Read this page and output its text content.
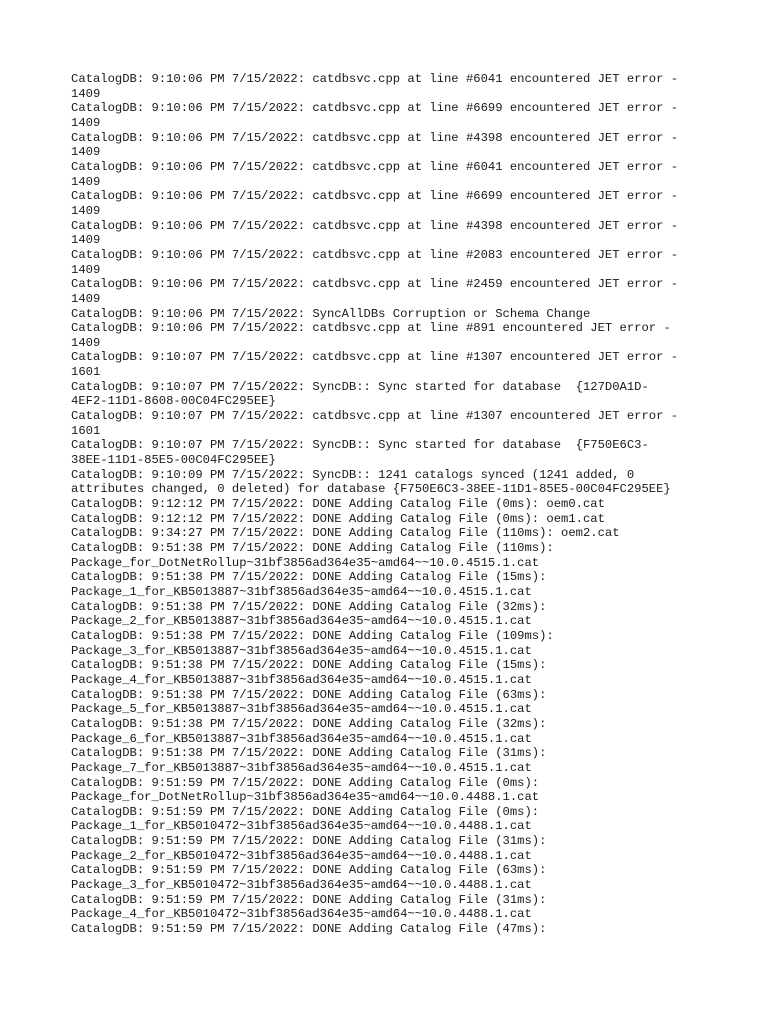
CatalogDB: 9:10:06 PM 7/15/2022: catdbsvc.cpp at line #6041 encountered JET error -
1409
CatalogDB: 9:10:06 PM 7/15/2022: catdbsvc.cpp at line #6699 encountered JET error -
1409
CatalogDB: 9:10:06 PM 7/15/2022: catdbsvc.cpp at line #4398 encountered JET error -
1409
CatalogDB: 9:10:06 PM 7/15/2022: catdbsvc.cpp at line #6041 encountered JET error -
1409
CatalogDB: 9:10:06 PM 7/15/2022: catdbsvc.cpp at line #6699 encountered JET error -
1409
CatalogDB: 9:10:06 PM 7/15/2022: catdbsvc.cpp at line #4398 encountered JET error -
1409
CatalogDB: 9:10:06 PM 7/15/2022: catdbsvc.cpp at line #2083 encountered JET error -
1409
CatalogDB: 9:10:06 PM 7/15/2022: catdbsvc.cpp at line #2459 encountered JET error -
1409
CatalogDB: 9:10:06 PM 7/15/2022: SyncAllDBs Corruption or Schema Change
CatalogDB: 9:10:06 PM 7/15/2022: catdbsvc.cpp at line #891 encountered JET error -
1409
CatalogDB: 9:10:07 PM 7/15/2022: catdbsvc.cpp at line #1307 encountered JET error -
1601
CatalogDB: 9:10:07 PM 7/15/2022: SyncDB:: Sync started for database  {127D0A1D-
4EF2-11D1-8608-00C04FC295EE}
CatalogDB: 9:10:07 PM 7/15/2022: catdbsvc.cpp at line #1307 encountered JET error -
1601
CatalogDB: 9:10:07 PM 7/15/2022: SyncDB:: Sync started for database  {F750E6C3-
38EE-11D1-85E5-00C04FC295EE}
CatalogDB: 9:10:09 PM 7/15/2022: SyncDB:: 1241 catalogs synced (1241 added, 0
attributes changed, 0 deleted) for database {F750E6C3-38EE-11D1-85E5-00C04FC295EE}
CatalogDB: 9:12:12 PM 7/15/2022: DONE Adding Catalog File (0ms): oem0.cat
CatalogDB: 9:12:12 PM 7/15/2022: DONE Adding Catalog File (0ms): oem1.cat
CatalogDB: 9:34:27 PM 7/15/2022: DONE Adding Catalog File (110ms): oem2.cat
CatalogDB: 9:51:38 PM 7/15/2022: DONE Adding Catalog File (110ms):
Package_for_DotNetRollup~31bf3856ad364e35~amd64~~10.0.4515.1.cat
CatalogDB: 9:51:38 PM 7/15/2022: DONE Adding Catalog File (15ms):
Package_1_for_KB5013887~31bf3856ad364e35~amd64~~10.0.4515.1.cat
CatalogDB: 9:51:38 PM 7/15/2022: DONE Adding Catalog File (32ms):
Package_2_for_KB5013887~31bf3856ad364e35~amd64~~10.0.4515.1.cat
CatalogDB: 9:51:38 PM 7/15/2022: DONE Adding Catalog File (109ms):
Package_3_for_KB5013887~31bf3856ad364e35~amd64~~10.0.4515.1.cat
CatalogDB: 9:51:38 PM 7/15/2022: DONE Adding Catalog File (15ms):
Package_4_for_KB5013887~31bf3856ad364e35~amd64~~10.0.4515.1.cat
CatalogDB: 9:51:38 PM 7/15/2022: DONE Adding Catalog File (63ms):
Package_5_for_KB5013887~31bf3856ad364e35~amd64~~10.0.4515.1.cat
CatalogDB: 9:51:38 PM 7/15/2022: DONE Adding Catalog File (32ms):
Package_6_for_KB5013887~31bf3856ad364e35~amd64~~10.0.4515.1.cat
CatalogDB: 9:51:38 PM 7/15/2022: DONE Adding Catalog File (31ms):
Package_7_for_KB5013887~31bf3856ad364e35~amd64~~10.0.4515.1.cat
CatalogDB: 9:51:59 PM 7/15/2022: DONE Adding Catalog File (0ms):
Package_for_DotNetRollup~31bf3856ad364e35~amd64~~10.0.4488.1.cat
CatalogDB: 9:51:59 PM 7/15/2022: DONE Adding Catalog File (0ms):
Package_1_for_KB5010472~31bf3856ad364e35~amd64~~10.0.4488.1.cat
CatalogDB: 9:51:59 PM 7/15/2022: DONE Adding Catalog File (31ms):
Package_2_for_KB5010472~31bf3856ad364e35~amd64~~10.0.4488.1.cat
CatalogDB: 9:51:59 PM 7/15/2022: DONE Adding Catalog File (63ms):
Package_3_for_KB5010472~31bf3856ad364e35~amd64~~10.0.4488.1.cat
CatalogDB: 9:51:59 PM 7/15/2022: DONE Adding Catalog File (31ms):
Package_4_for_KB5010472~31bf3856ad364e35~amd64~~10.0.4488.1.cat
CatalogDB: 9:51:59 PM 7/15/2022: DONE Adding Catalog File (47ms):
